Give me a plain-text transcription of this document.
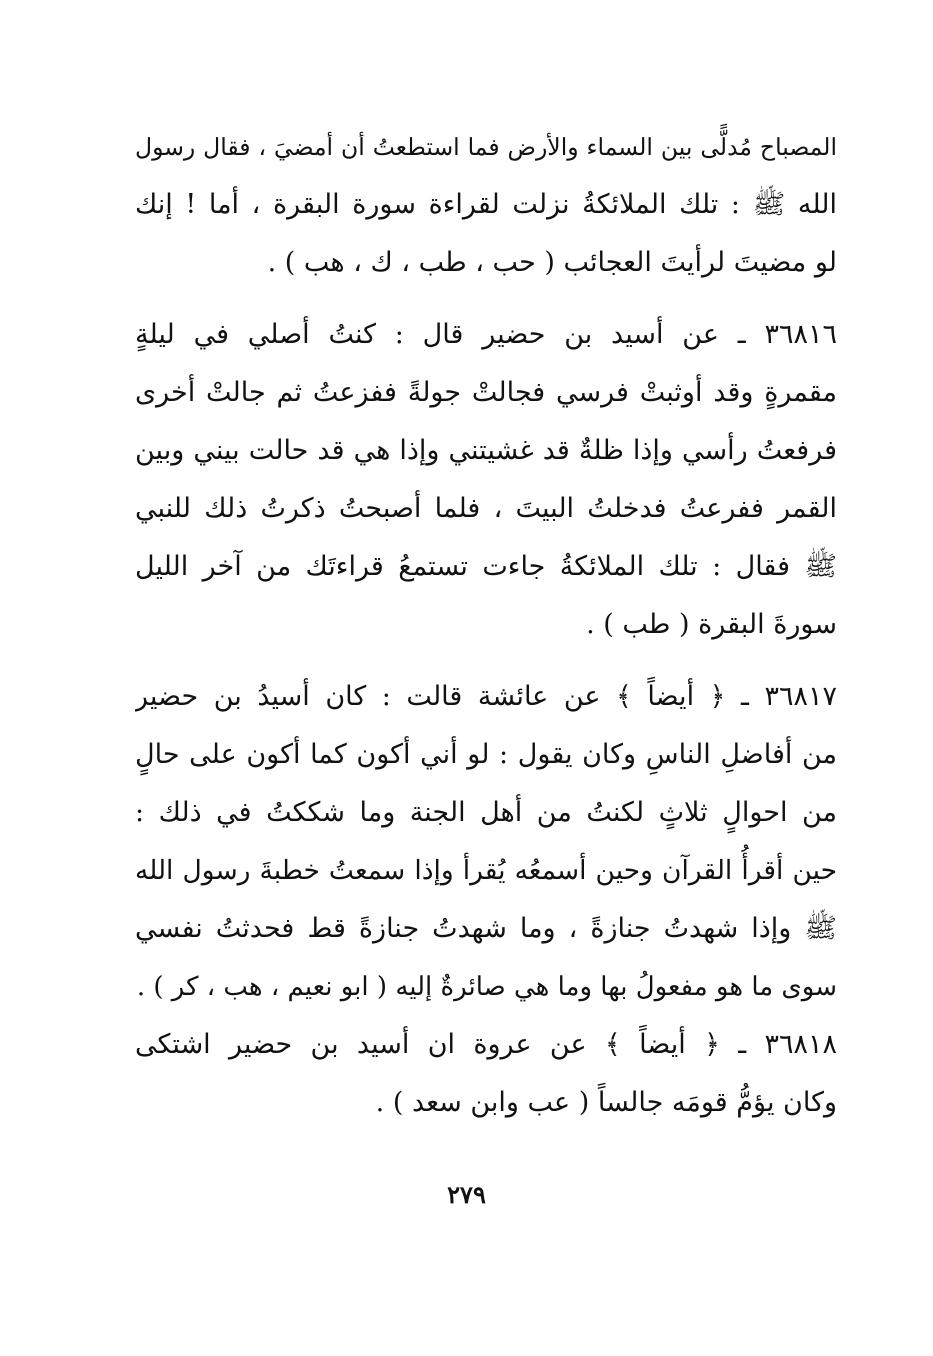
المصباح مُدلًّى بين السماء والأرض فما استطعتُ أن أمضيَ ، فقال رسول
الله ﷺ : تلك الملائكةُ نزلت لقراءة سورة البقرة ، أما ! إنك
لو مضيتَ لرأيتَ العجائب ( حب ، طب ، ك ، هب ) .
٣٦٨١٦ ـ عن أسيد بن حضير قال : كنتُ أصلي في ليلةٍ
مقمرةٍ وقد أوثبتْ فرسي فجالتْ جولةً ففزعتُ ثم جالتْ أخرى
فرفعتُ رأسي وإذا ظلةٌ قد غشيتني وإذا هي قد حالت بيني وبين
القمر ففرعتُ فدخلتُ البيتَ ، فلما أصبحتُ ذكرتُ ذلك للنبي
ﷺ فقال : تلك الملائكةُ جاءت تستمعُ قراءتَك من آخر الليل
سورةَ البقرة ( طب ) .
٣٦٨١٧ ـ ﴿ أيضاً ﴾ عن عائشة قالت : كان أسيدُ بن حضير
من أفاضلِ الناسِ وكان يقول : لو أني أكون كما أكون على حالٍ
من احوالٍ ثلاثٍ لكنتُ من أهل الجنة وما شككتُ في ذلك :
حين أقرأُ القرآن وحين أسمعُه يُقرأ وإذا سمعتُ خطبةَ رسول الله
ﷺ وإذا شهدتُ جنازةً ، وما شهدتُ جنازةً قط فحدثتُ نفسي
سوى ما هو مفعولُ بها وما هي صائرةٌ إليه ( ابو نعيم ، هب ، كر ) .
٣٦٨١٨ ـ ﴿ أيضاً ﴾ عن عروة ان أسيد بن حضير اشتكى
وكان يؤمُّ قومَه جالساً ( عب وابن سعد ) .
٢٧٩
